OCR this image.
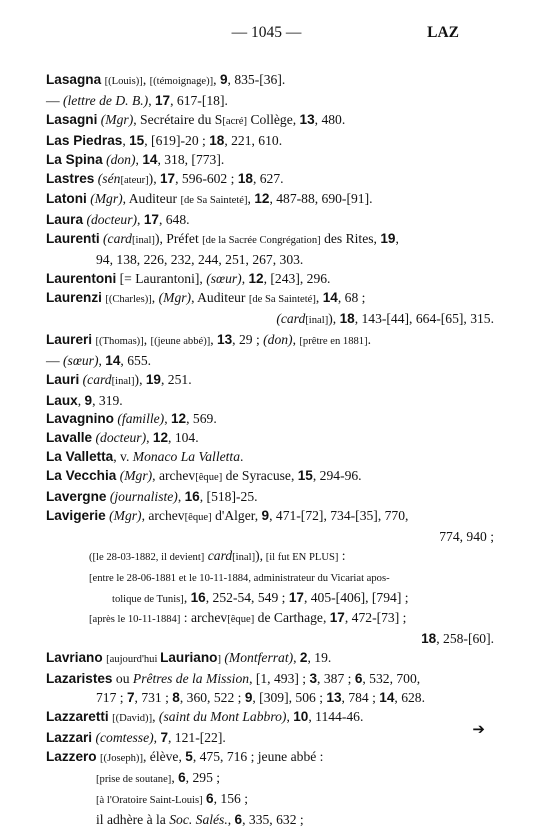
— 1045 —	LAZ
Lasagna [(Louis)], [(témoignage)], 9, 835-[36].
— (lettre de D. B.), 17, 617-[18].
Lasagni (Mgr), Secrétaire du S[acré] Collège, 13, 480.
Las Piedras, 15, [619]-20 ; 18, 221, 610.
La Spina (don), 14, 318, [773].
Lastres (sén[ateur]), 17, 596-602 ; 18, 627.
Latoni (Mgr), Auditeur [de Sa Sainteté], 12, 487-88, 690-[91].
Laura (docteur), 17, 648.
Laurenti (card[inal]), Préfet [de la Sacrée Congrégation] des Rites, 19,
94, 138, 226, 232, 244, 251, 267, 303.
Laurentoni [= Laurantoni], (sœur), 12, [243], 296.
Laurenzi [(Charles)], (Mgr), Auditeur [de Sa Sainteté], 14, 68 ;
(card[inal]), 18, 143-[44], 664-[65], 315.
Laureri [(Thomas)], [(jeune abbé)], 13, 29 ; (don), [prêtre en 1881].
— (sœur), 14, 655.
Lauri (card[inal]), 19, 251.
Laux, 9, 319.
Lavagnino (famille), 12, 569.
Lavalle (docteur), 12, 104.
La Valletta, v. Monaco La Valletta.
La Vecchia (Mgr), archev[êque] de Syracuse, 15, 294-96.
Lavergne (journaliste), 16, [518]-25.
Lavigerie (Mgr), archev[êque] d'Alger, 9, 471-[72], 734-[35], 770,
774, 940 ;
([le 28-03-1882, il devient] card[inal]), [il fut EN PLUS] :
[entre le 28-06-1881 et le 10-11-1884, administrateur du Vicariat apos-
tolique de Tunis], 16, 252-54, 549 ; 17, 405-[406], [794] ;
[après le 10-11-1884] : archev[êque] de Carthage, 17, 472-[73] ;
18, 258-[60].
Lavriano [aujourd'hui Lauriano] (Montferrat), 2, 19.
Lazaristes ou Prêtres de la Mission, [1, 493] ; 3, 387 ; 6, 532, 700,
717 ; 7, 731 ; 8, 360, 522 ; 9, [309], 506 ; 13, 784 ; 14, 628.
Lazzaretti [(David)], (saint du Mont Labbro), 10, 1144-46.
Lazzari (comtesse), 7, 121-[22].
Lazzero [(Joseph)], élève, 5, 475, 716 ; jeune abbé :
[prise de soutane], 6, 295 ;
[à l'Oratoire Saint-Louis] 6, 156 ;
il adhère à la Soc. Salés., 6, 335, 632 ;
➔
